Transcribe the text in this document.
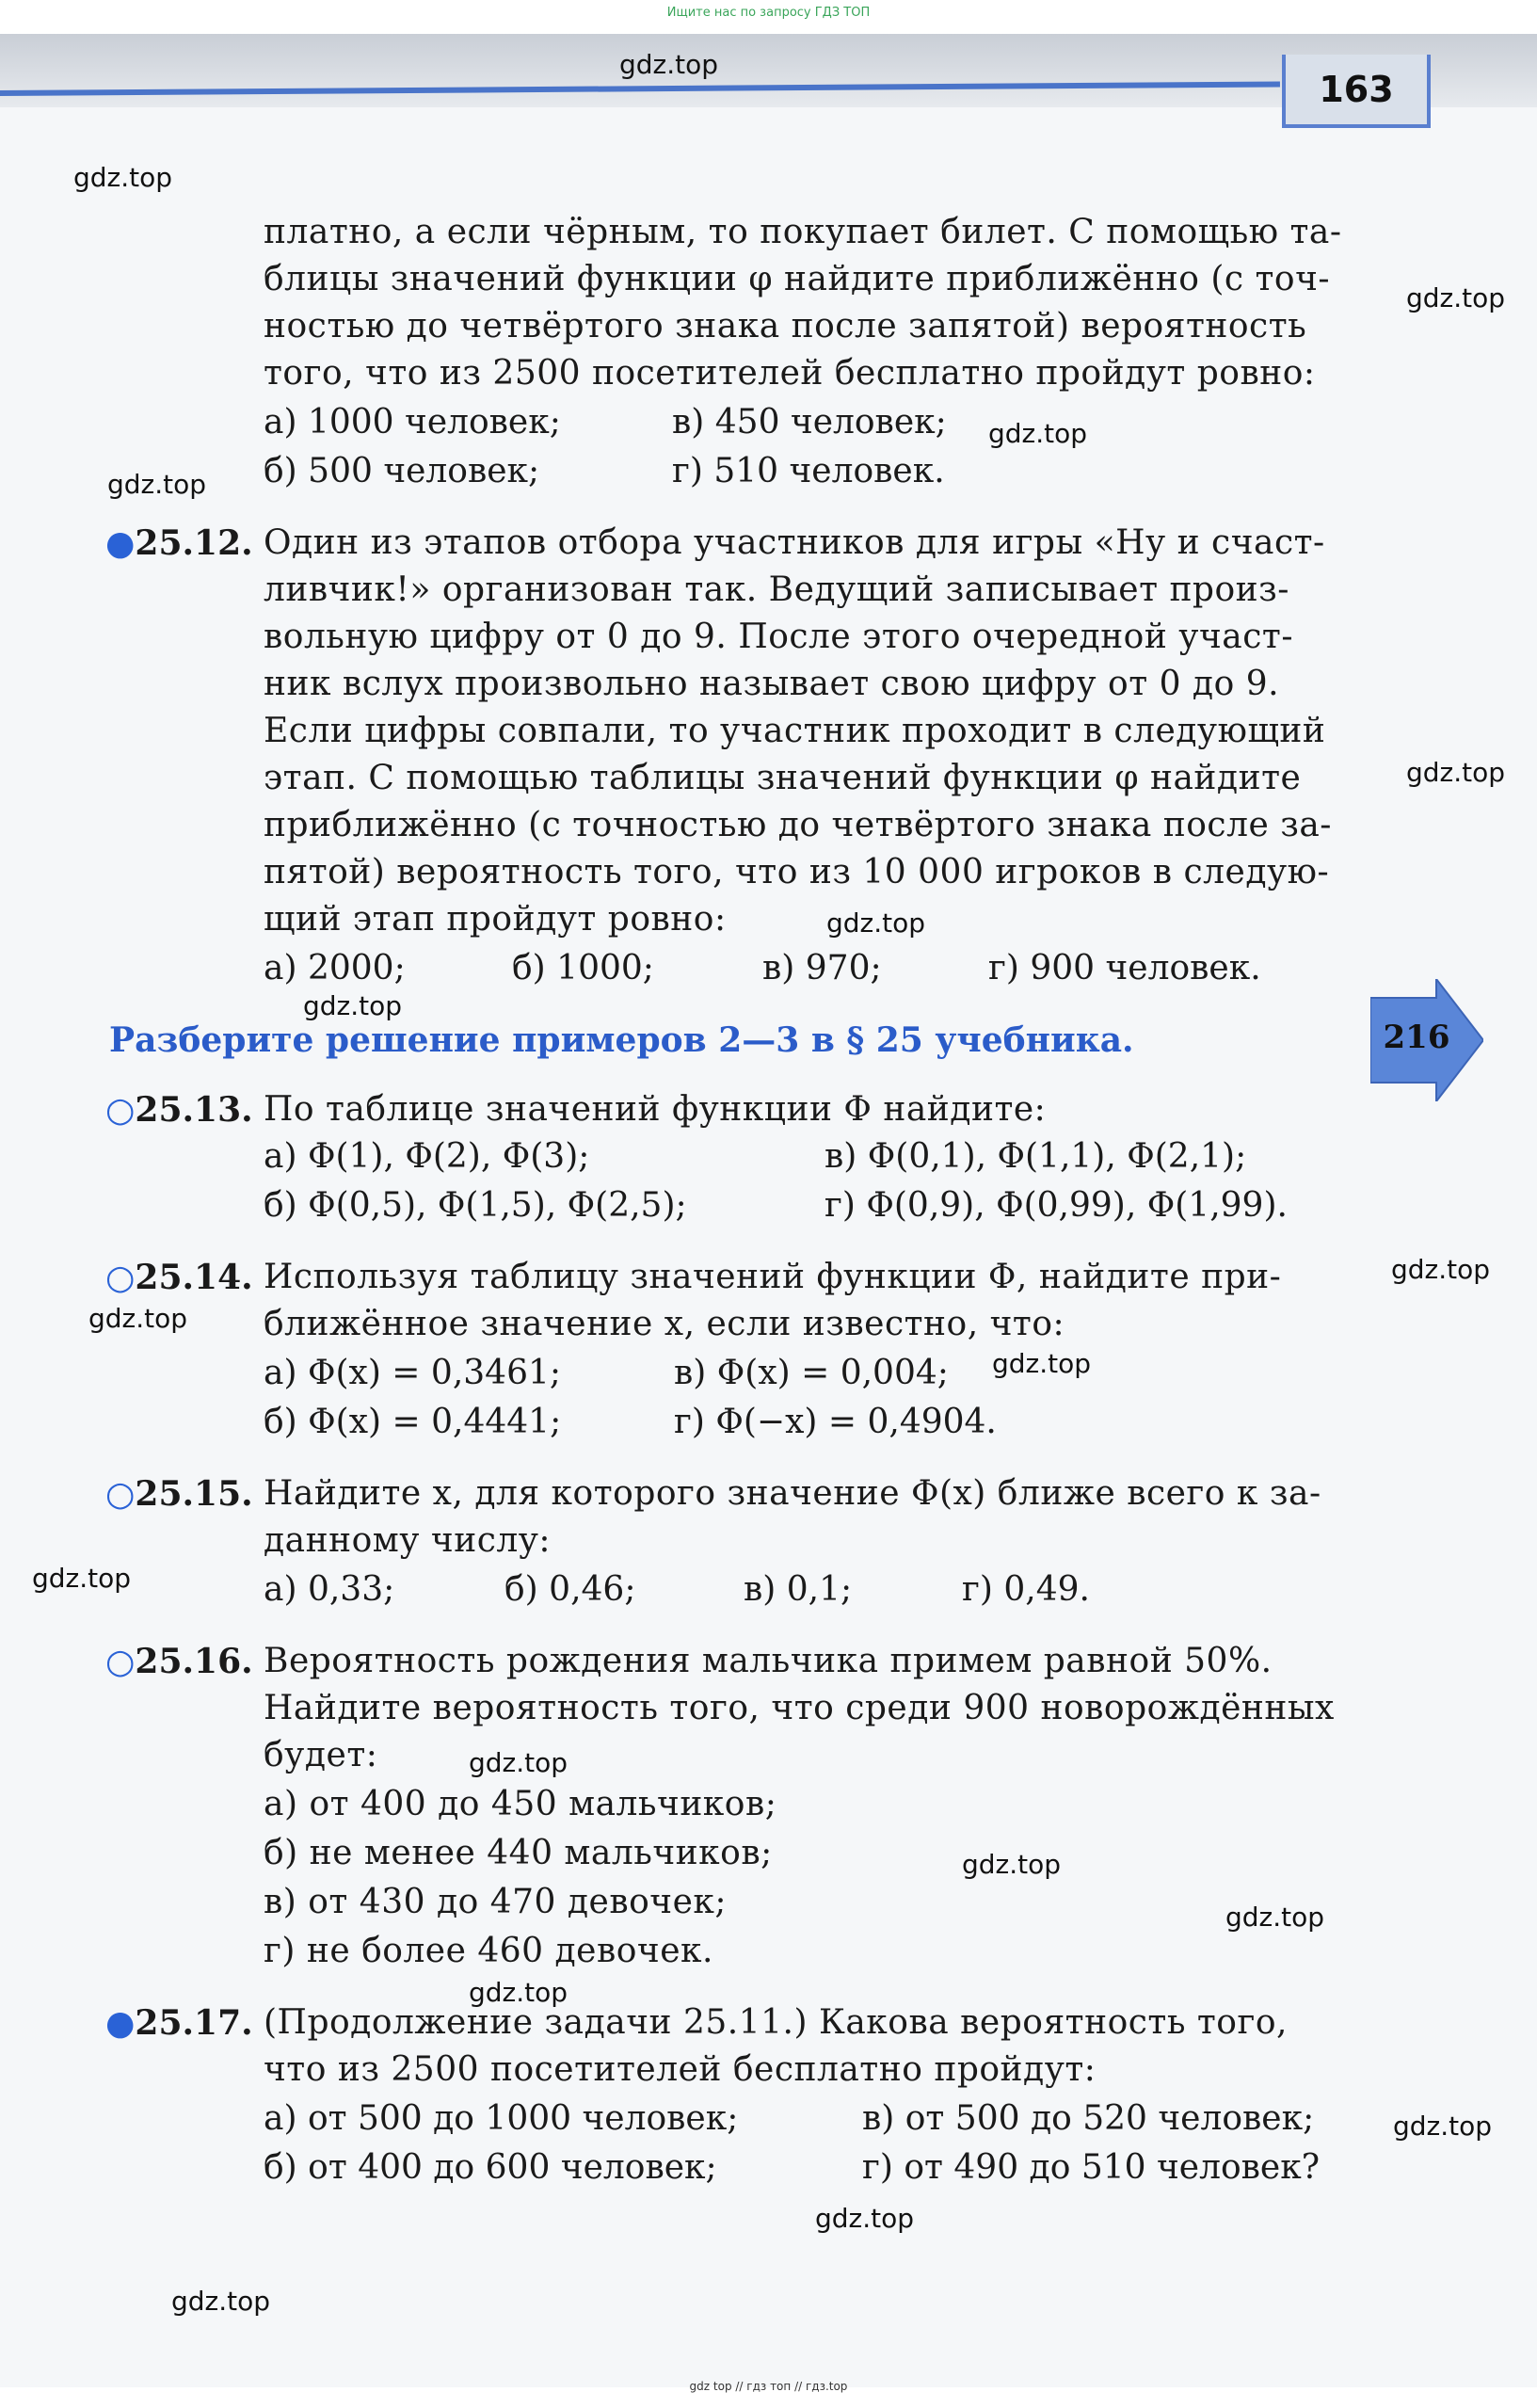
Ищите нас по запросу ГДЗ ТОП
163
216
gdz.top
gdz.top
gdz.top
gdz.top
gdz.top
gdz.top
gdz.top
gdz.top
gdz.top
gdz.top
gdz.top
gdz.top
gdz.top
gdz.top
gdz.top
gdz.top
gdz.top
gdz.top
gdz.top
платно, а если чёрным, то покупает билет. С помощью та-
блицы значений функции φ найдите приближённо (с точ-
ностью до четвёртого знака после запятой) вероятность
того, что из 2500 посетителей бесплатно пройдут ровно:
а) 1000 человек;	в) 450 человек;
б) 500 человек;	г) 510 человек.
●25.12. Один из этапов отбора участников для игры «Ну и счаст-
ливчик!» организован так. Ведущий записывает произ-
вольную цифру от 0 до 9. После этого очередной участ-
ник вслух произвольно называет свою цифру от 0 до 9.
Если цифры совпали, то участник проходит в следующий
этап. С помощью таблицы значений функции φ найдите
приближённо (с точностью до четвёртого знака после за-
пятой) вероятность того, что из 10 000 игроков в следую-
щий этап пройдут ровно:
а) 2000;	б) 1000;	в) 970;	г) 900 человек.
Разберите решение примеров 2—3 в § 25 учебника.
○25.13. По таблице значений функции Φ найдите:
а) Φ(1), Φ(2), Φ(3);	в) Φ(0,1), Φ(1,1), Φ(2,1);
б) Φ(0,5), Φ(1,5), Φ(2,5);	г) Φ(0,9), Φ(0,99), Φ(1,99).
○25.14. Используя таблицу значений функции Φ, найдите при-
ближённое значение x, если известно, что:
а) Φ(x) = 0,3461;	в) Φ(x) = 0,004;
б) Φ(x) = 0,4441;	г) Φ(−x) = 0,4904.
○25.15. Найдите x, для которого значение Φ(x) ближе всего к за-
данному числу:
а) 0,33;	б) 0,46;	в) 0,1;	г) 0,49.
○25.16. Вероятность рождения мальчика примем равной 50%.
Найдите вероятность того, что среди 900 новорождённых
будет:
а) от 400 до 450 мальчиков;
б) не менее 440 мальчиков;
в) от 430 до 470 девочек;
г) не более 460 девочек.
●25.17. (Продолжение задачи 25.11.) Какова вероятность того,
что из 2500 посетителей бесплатно пройдут:
а) от 500 до 1000 человек;	в) от 500 до 520 человек;
б) от 400 до 600 человек;	г) от 490 до 510 человек?
gdz top // гдз топ // гдз.top
